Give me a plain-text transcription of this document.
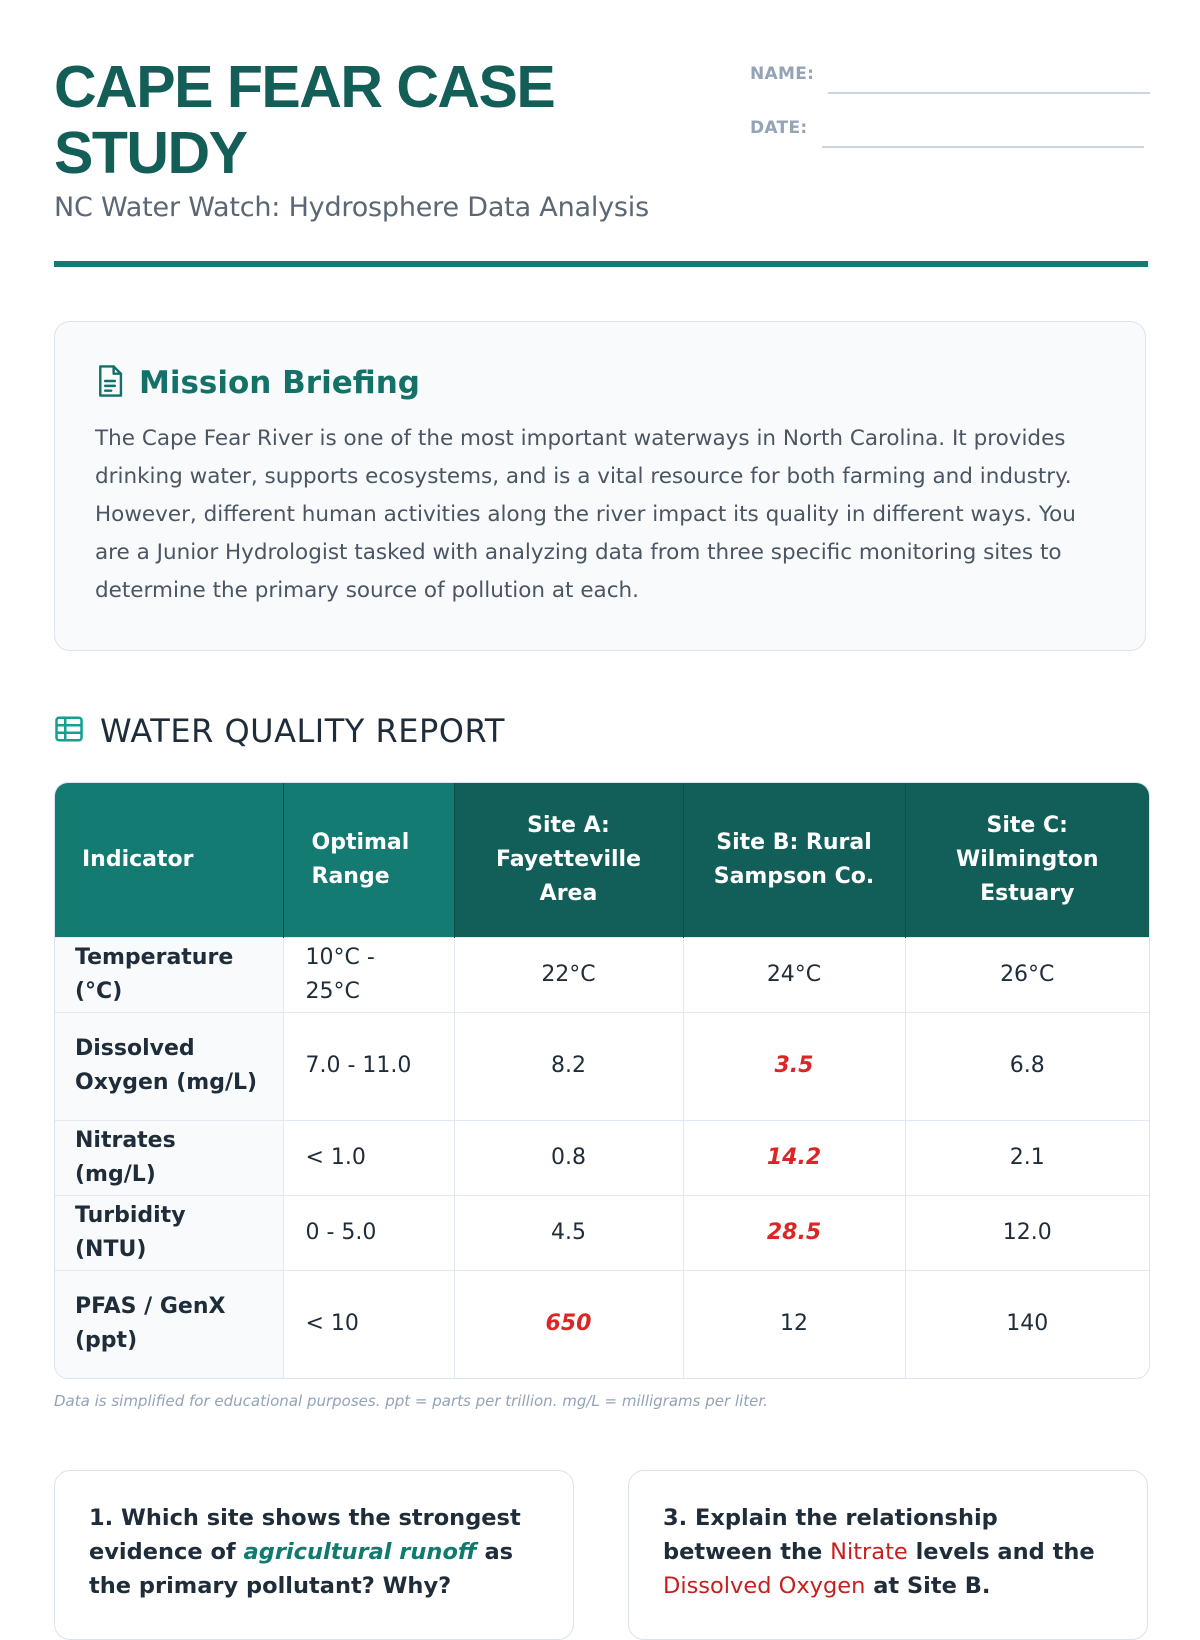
CAPE FEAR CASE STUDY

NC Water Watch: Hydrosphere Data Analysis

NAME:
DATE:
Mission Briefing

The Cape Fear River is one of the most important waterways in North Carolina. It provides drinking water, supports ecosystems, and is a vital resource for both farming and industry. However, different human activities along the river impact its quality in different ways. You are a Junior Hydrologist tasked with analyzing data from three specific monitoring sites to determine the primary source of pollution at each.

WATER QUALITY REPORT
Indicator	Optimal Range	Site A: Fayetteville Area	Site B: Rural Sampson Co.	Site C: Wilmington Estuary
Temperature (°C)	10°C - 25°C	22°C	24°C	26°C
Dissolved Oxygen (mg/L)	7.0 - 11.0	8.2	3.5	6.8
Nitrates (mg/L)	< 1.0	0.8	14.2	2.1
Turbidity (NTU)	0 - 5.0	4.5	28.5	12.0
PFAS / GenX (ppt)	< 10	650	12	140

Data is simplified for educational purposes. ppt = parts per trillion. mg/L = milligrams per liter.

1. Which site shows the strongest evidence of agricultural runoff as the primary pollutant? Why?

3. Explain the relationship between the Nitrate levels and the Dissolved Oxygen at Site B.
